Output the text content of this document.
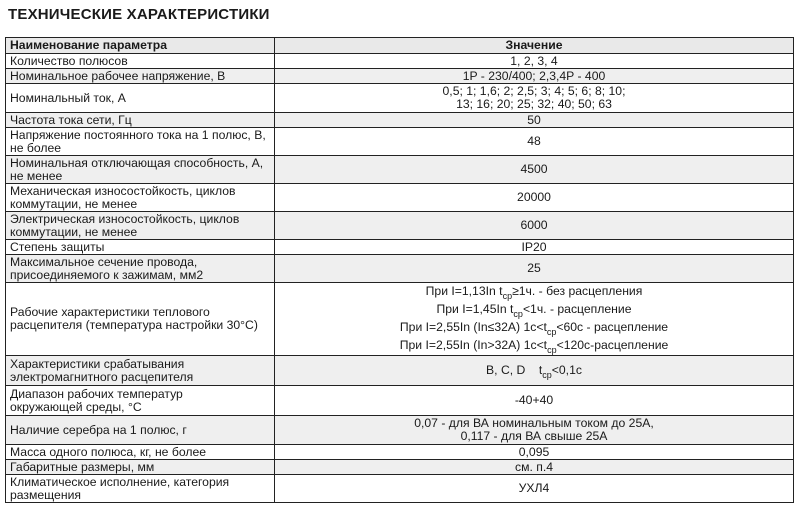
ТЕХНИЧЕСКИЕ ХАРАКТЕРИСТИКИ
Наименование параметра	Значение
Количество полюсов	1, 2, 3, 4
Номинальное рабочее напряжение, В	1P - 230/400; 2,3,4P - 400
Номинальный ток, А	0,5; 1; 1,6; 2; 2,5; 3; 4; 5; 6; 8; 10;
13; 16; 20; 25; 32; 40; 50; 63

Частота тока сети, Гц	50

Напряжение постоянного тока на 1 полюс, В,
не более	48

Номинальная отключающая способность, А,
не менее	4500

Механическая износостойкость, циклов
коммутации, не менее	20000

Электрическая износостойкость, циклов
коммутации, не менее	6000
Степень защиты	IP20

Максимальное сечение провода,
присоединяемого к зажимам, мм2	25

Рабочие характеристики теплового
расцепителя (температура настройки 30°С)	При I=1,13In $t_{ср}\ge 1ч$. - без расцепления
При I=1,45In $t_{ср}<1ч$. - расцепление
При I=2,55In (In≤32А) $1с<t_{ср}<60с$ - расцепление
При I=2,55In (In>32А) $1с<t_{ср}<120с$-расцепление

Характеристики срабатывания
электромагнитного расцепителя	B, C, D    $t_{ср}<0,1с$

Диапазон рабочих температур
окружающей среды, °С	-40+40
Наличие серебра на 1 полюс, г	0,07 - для ВА номинальным током до 25А,
0,117 - для ВА свыше 25А

Масса одного полюса, кг, не более	0,095
Габаритные размеры, мм	см. п.4

Климатическое исполнение, категория
размещения	УХЛ4
